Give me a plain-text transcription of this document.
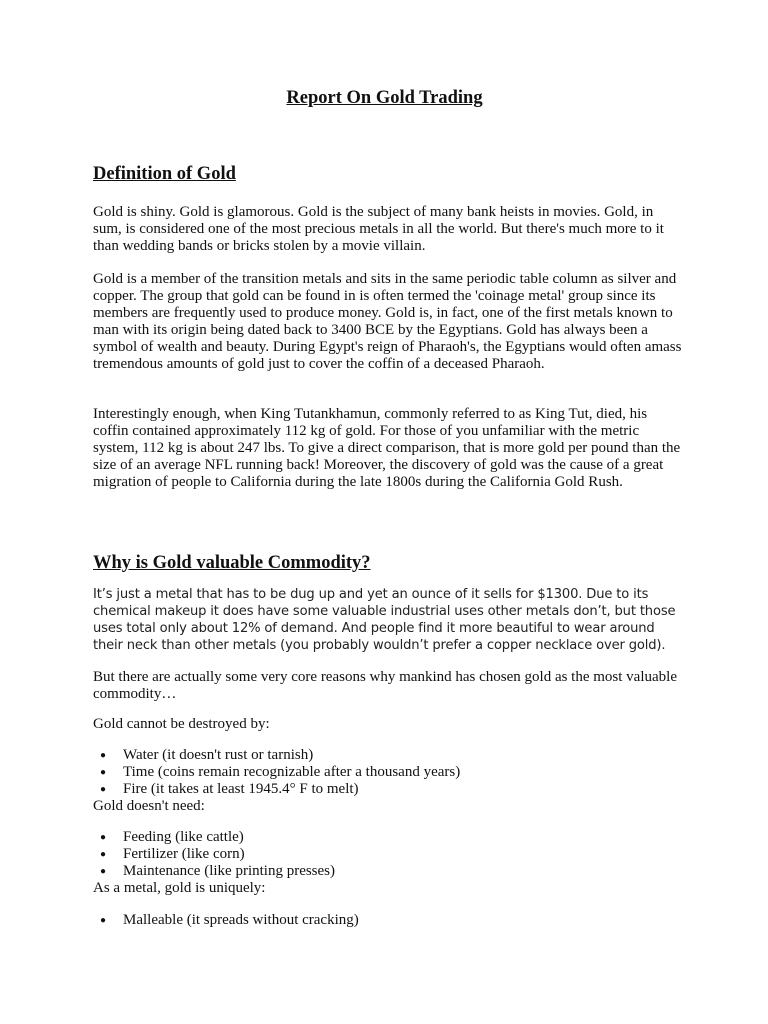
Report On Gold Trading
Definition of Gold

Gold is shiny. Gold is glamorous. Gold is the subject of many bank heists in movies. Gold, in sum, is considered one of the most precious metals in all the world. But there's much more to it than wedding bands or bricks stolen by a movie villain.

Gold is a member of the transition metals and sits in the same periodic table column as silver and copper. The group that gold can be found in is often termed the 'coinage metal' group since its members are frequently used to produce money. Gold is, in fact, one of the first metals known to man with its origin being dated back to 3400 BCE by the Egyptians. Gold has always been a symbol of wealth and beauty. During Egypt's reign of Pharaoh's, the Egyptians would often amass tremendous amounts of gold just to cover the coffin of a deceased Pharaoh.

Interestingly enough, when King Tutankhamun, commonly referred to as King Tut, died, his coffin contained approximately 112 kg of gold. For those of you unfamiliar with the metric system, 112 kg is about 247 lbs. To give a direct comparison, that is more gold per pound than the size of an average NFL running back! Moreover, the discovery of gold was the cause of a great migration of people to California during the late 1800s during the California Gold Rush.

Why is Gold valuable Commodity?

It’s just a metal that has to be dug up and yet an ounce of it sells for $1300. Due to its chemical makeup it does have some valuable industrial uses other metals don’t, but those uses total only about 12% of demand. And people find it more beautiful to wear around their neck than other metals (you probably wouldn’t prefer a copper necklace over gold).

But there are actually some very core reasons why mankind has chosen gold as the most valuable commodity…

Gold cannot be destroyed by:

● Water (it doesn't rust or tarnish)
● Time (coins remain recognizable after a thousand years)
● Fire (it takes at least 1945.4° F to melt)

Gold doesn't need:

● Feeding (like cattle)
● Fertilizer (like corn)
● Maintenance (like printing presses)

As a metal, gold is uniquely:

● Malleable (it spreads without cracking)
